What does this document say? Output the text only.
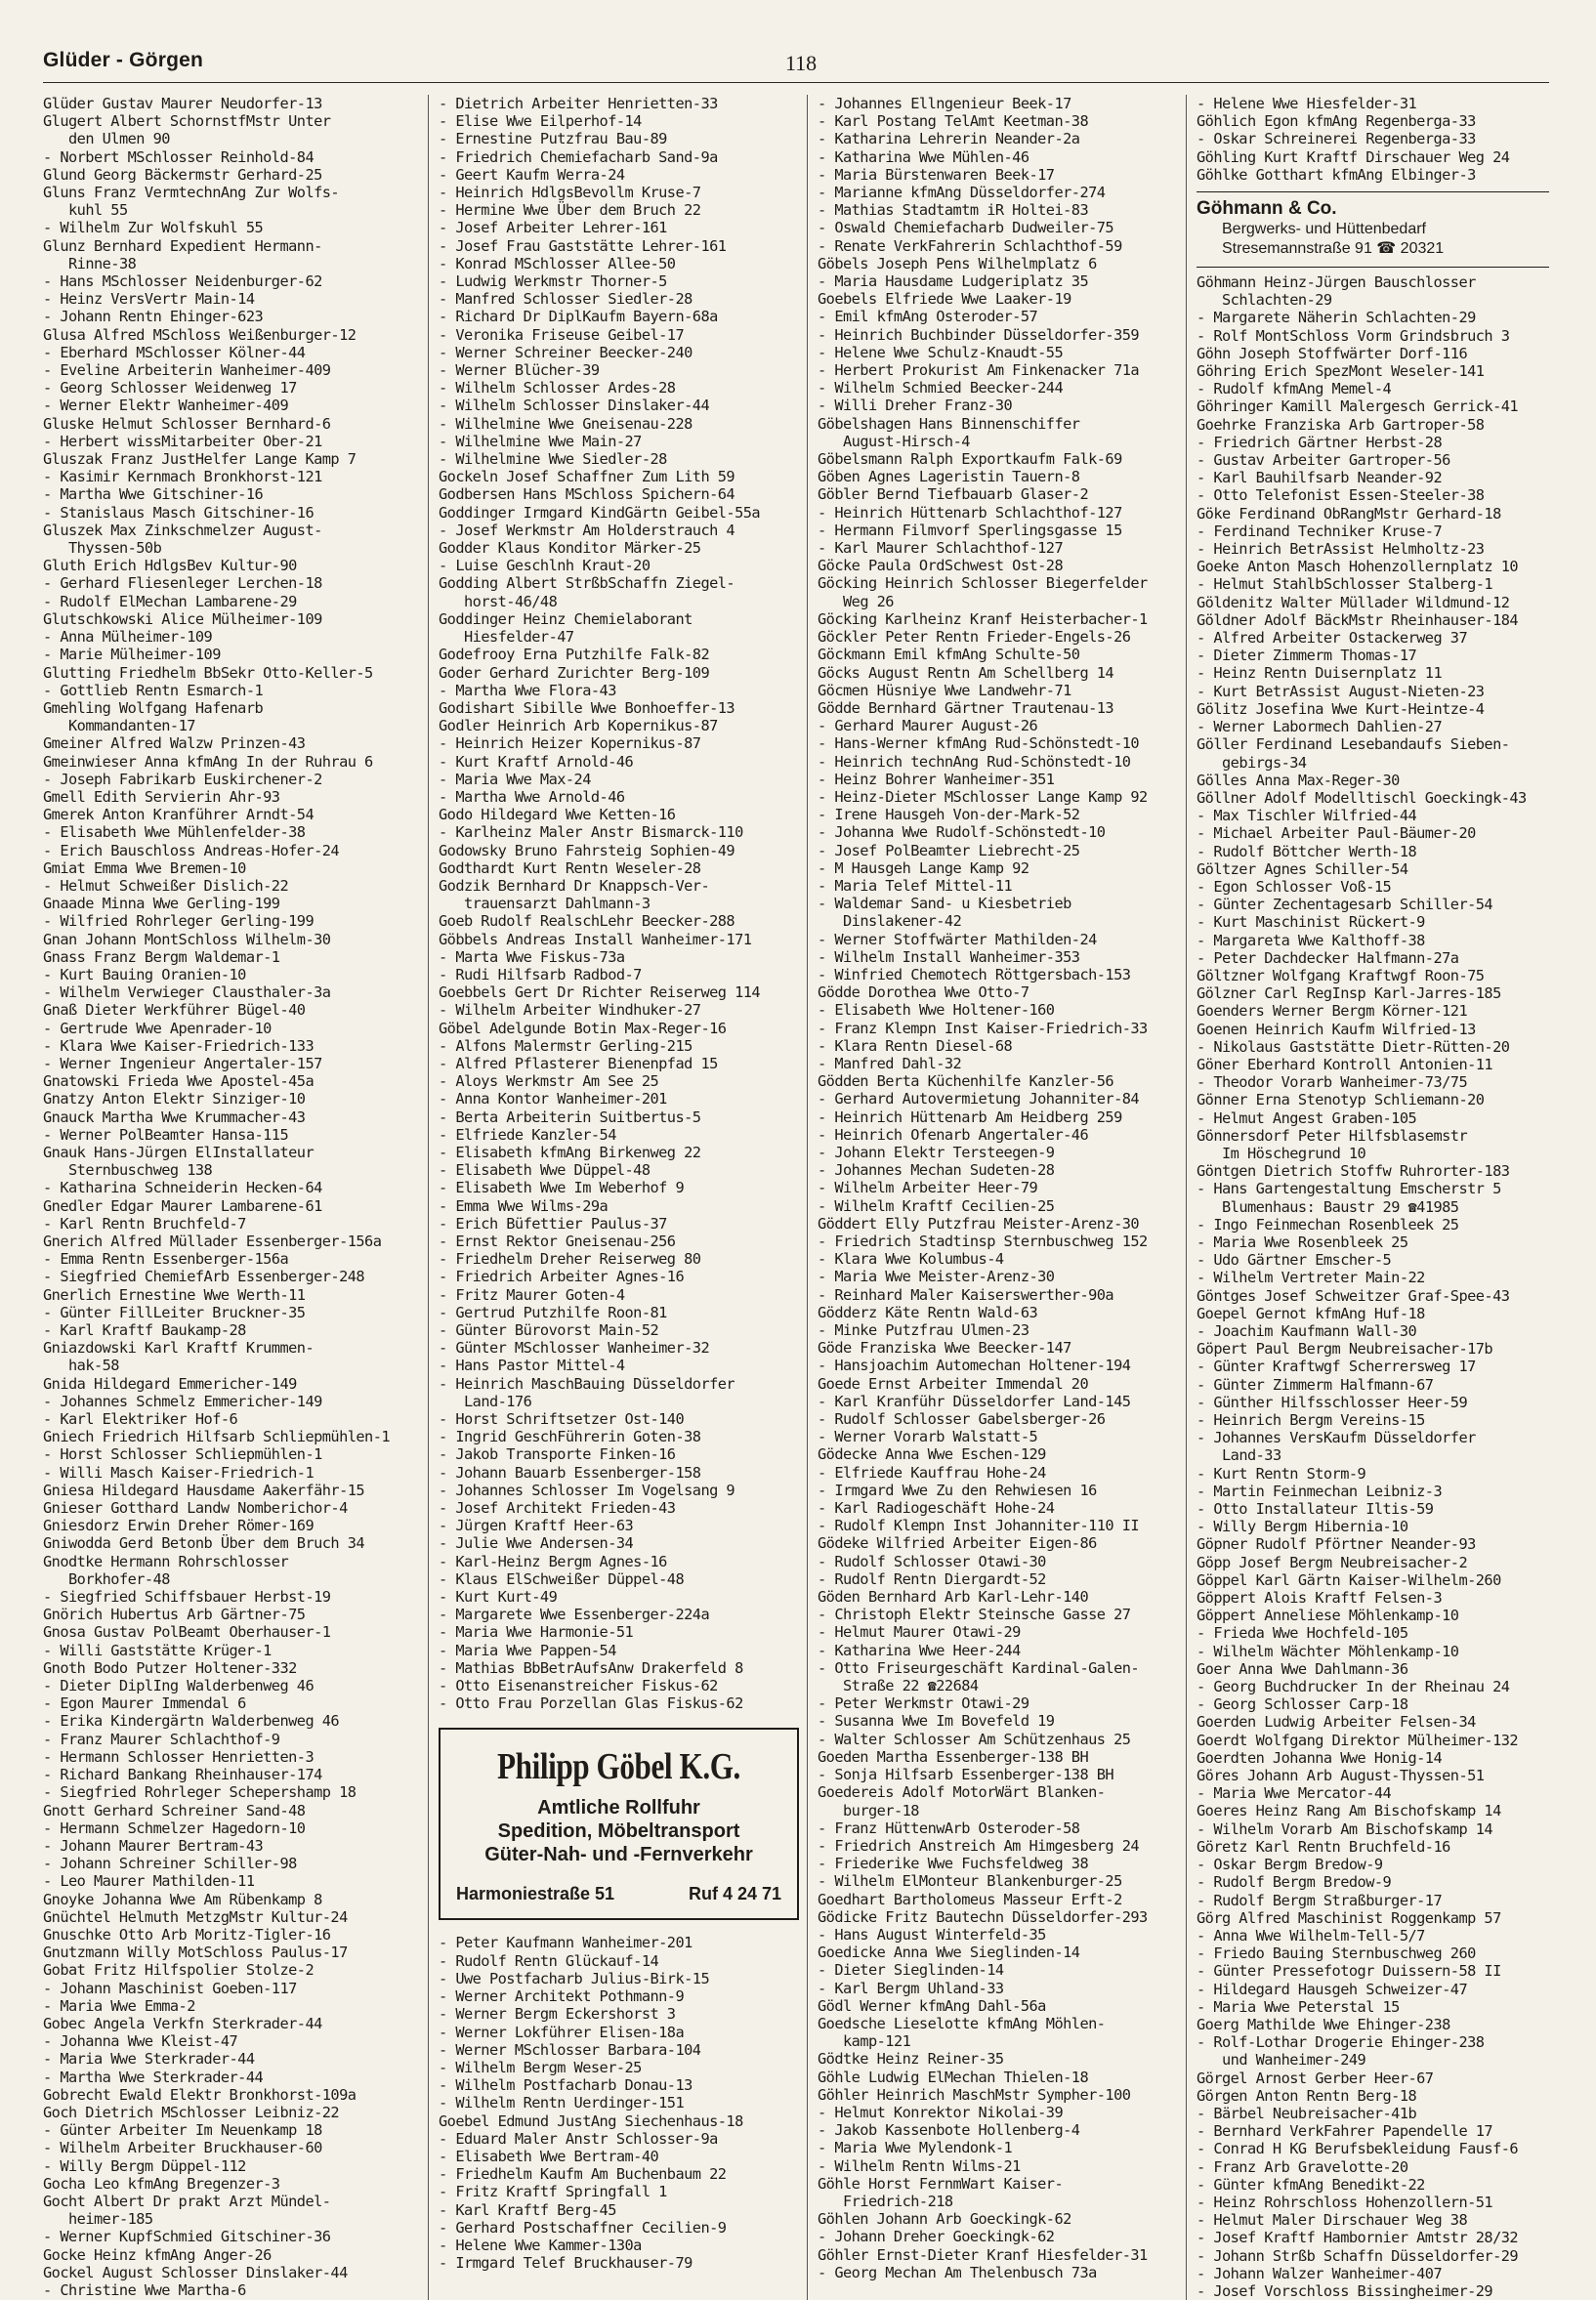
Glüder - Görgen	118
Glüder Gustav Maurer Neudorfer-13
Glugert Albert SchornstfMstr Unter
den Ulmen 90
- Norbert MSchlosser Reinhold-84
Glund Georg Bäckermstr Gerhard-25
Gluns Franz VermtechnAng Zur Wolfs-
kuhl 55
- Wilhelm Zur Wolfskuhl 55
Glunz Bernhard Expedient Hermann-
Rinne-38
- Hans MSchlosser Neidenburger-62
- Heinz VersVertr Main-14
- Johann Rentn Ehinger-623
Glusa Alfred MSchloss Weißenburger-12
- Eberhard MSchlosser Kölner-44
- Eveline Arbeiterin Wanheimer-409
- Georg Schlosser Weidenweg 17
- Werner Elektr Wanheimer-409
Gluske Helmut Schlosser Bernhard-6
- Herbert wissMitarbeiter Ober-21
Gluszak Franz JustHelfer Lange Kamp 7
- Kasimir Kernmach Bronkhorst-121
- Martha Wwe Gitschiner-16
- Stanislaus Masch Gitschiner-16
Gluszek Max Zinkschmelzer August-
Thyssen-50b
Gluth Erich HdlgsBev Kultur-90
- Gerhard Fliesenleger Lerchen-18
- Rudolf ElMechan Lambarene-29
Glutschkowski Alice Mülheimer-109
- Anna Mülheimer-109
- Marie Mülheimer-109
Glutting Friedhelm BbSekr Otto-Keller-5
- Gottlieb Rentn Esmarch-1
Gmehling Wolfgang Hafenarb
Kommandanten-17
Gmeiner Alfred Walzw Prinzen-43
Gmeinwieser Anna kfmAng In der Ruhrau 6
- Joseph Fabrikarb Euskirchener-2
Gmell Edith Servierin Ahr-93
Gmerek Anton Kranführer Arndt-54
- Elisabeth Wwe Mühlenfelder-38
- Erich Bauschloss Andreas-Hofer-24
Gmiat Emma Wwe Bremen-10
- Helmut Schweißer Dislich-22
Gnaade Minna Wwe Gerling-199
- Wilfried Rohrleger Gerling-199
Gnan Johann MontSchloss Wilhelm-30
Gnass Franz Bergm Waldemar-1
- Kurt Bauing Oranien-10
- Wilhelm Verwieger Clausthaler-3a
Gnaß Dieter Werkführer Bügel-40
- Gertrude Wwe Apenrader-10
- Klara Wwe Kaiser-Friedrich-133
- Werner Ingenieur Angertaler-157
Gnatowski Frieda Wwe Apostel-45a
Gnatzy Anton Elektr Sinziger-10
Gnauck Martha Wwe Krummacher-43
- Werner PolBeamter Hansa-115
Gnauk Hans-Jürgen ElInstallateur
Sternbuschweg 138
- Katharina Schneiderin Hecken-64
Gnedler Edgar Maurer Lambarene-61
- Karl Rentn Bruchfeld-7
Gnerich Alfred Müllader Essenberger-156a
- Emma Rentn Essenberger-156a
- Siegfried ChemiefArb Essenberger-248
Gnerlich Ernestine Wwe Werth-11
- Günter FillLeiter Bruckner-35
- Karl Kraftf Baukamp-28
Gniazdowski Karl Kraftf Krummen-
hak-58
Gnida Hildegard Emmericher-149
- Johannes Schmelz Emmericher-149
- Karl Elektriker Hof-6
Gniech Friedrich Hilfsarb Schliepmühlen-1
- Horst Schlosser Schliepmühlen-1
- Willi Masch Kaiser-Friedrich-1
Gniesa Hildegard Hausdame Aakerfähr-15
Gnieser Gotthard Landw Nomberichor-4
Gniesdorz Erwin Dreher Römer-169
Gniwodda Gerd Betonb Über dem Bruch 34
Gnodtke Hermann Rohrschlosser
Borkhofer-48
- Siegfried Schiffsbauer Herbst-19
Gnörich Hubertus Arb Gärtner-75
Gnosa Gustav PolBeamt Oberhauser-1
- Willi Gaststätte Krüger-1
Gnoth Bodo Putzer Holtener-332
- Dieter DiplIng Walderbenweg 46
- Egon Maurer Immendal 6
- Erika Kindergärtn Walderbenweg 46
- Franz Maurer Schlachthof-9
- Hermann Schlosser Henrietten-3
- Richard Bankang Rheinhauser-174
- Siegfried Rohrleger Schepershamp 18
Gnott Gerhard Schreiner Sand-48
- Hermann Schmelzer Hagedorn-10
- Johann Maurer Bertram-43
- Johann Schreiner Schiller-98
- Leo Maurer Mathilden-11
Gnoyke Johanna Wwe Am Rübenkamp 8
Gnüchtel Helmuth MetzgMstr Kultur-24
Gnuschke Otto Arb Moritz-Tigler-16
Gnutzmann Willy MotSchloss Paulus-17
Gobat Fritz Hilfspolier Stolze-2
- Johann Maschinist Goeben-117
- Maria Wwe Emma-2
Gobec Angela Verkfn Sterkrader-44
- Johanna Wwe Kleist-47
- Maria Wwe Sterkrader-44
- Martha Wwe Sterkrader-44
Gobrecht Ewald Elektr Bronkhorst-109a
Goch Dietrich MSchlosser Leibniz-22
- Günter Arbeiter Im Neuenkamp 18
- Wilhelm Arbeiter Bruckhauser-60
- Willy Bergm Düppel-112
Gocha Leo kfmAng Bregenzer-3
Gocht Albert Dr prakt Arzt Mündel-
heimer-185
- Werner KupfSchmied Gitschiner-36
Gocke Heinz kfmAng Anger-26
Gockel August Schlosser Dinslaker-44
- Christine Wwe Martha-6
- Dietrich Arbeiter Henrietten-33
- Elise Wwe Eilperhof-14
- Ernestine Putzfrau Bau-89
- Friedrich Chemiefacharb Sand-9a
- Geert Kaufm Werra-24
- Heinrich HdlgsBevollm Kruse-7
- Hermine Wwe Über dem Bruch 22
- Josef Arbeiter Lehrer-161
- Josef Frau Gaststätte Lehrer-161
- Konrad MSchlosser Allee-50
- Ludwig Werkmstr Thorner-5
- Manfred Schlosser Siedler-28
- Richard Dr DiplKaufm Bayern-68a
- Veronika Friseuse Geibel-17
- Werner Schreiner Beecker-240
- Werner Blücher-39
- Wilhelm Schlosser Ardes-28
- Wilhelm Schlosser Dinslaker-44
- Wilhelmine Wwe Gneisenau-228
- Wilhelmine Wwe Main-27
- Wilhelmine Wwe Siedler-28
Gockeln Josef Schaffner Zum Lith 59
Godbersen Hans MSchloss Spichern-64
Goddinger Irmgard KindGärtn Geibel-55a
- Josef Werkmstr Am Holderstrauch 4
Godder Klaus Konditor Märker-25
- Luise Geschlnh Kraut-20
Godding Albert StrßbSchaffn Ziegel-
horst-46/48
Goddinger Heinz Chemielaborant
Hiesfelder-47
Godefrooy Erna Putzhilfe Falk-82
Goder Gerhard Zurichter Berg-109
- Martha Wwe Flora-43
Godishart Sibille Wwe Bonhoeffer-13
Godler Heinrich Arb Kopernikus-87
- Heinrich Heizer Kopernikus-87
- Kurt Kraftf Arnold-46
- Maria Wwe Max-24
- Martha Wwe Arnold-46
Godo Hildegard Wwe Ketten-16
- Karlheinz Maler Anstr Bismarck-110
Godowsky Bruno Fahrsteig Sophien-49
Godthardt Kurt Rentn Weseler-28
Godzik Bernhard Dr Knappsch-Ver-
trauensarzt Dahlmann-3
Goeb Rudolf RealschLehr Beecker-288
Göbbels Andreas Install Wanheimer-171
- Marta Wwe Fiskus-73a
- Rudi Hilfsarb Radbod-7
Goebbels Gert Dr Richter Reiserweg 114
- Wilhelm Arbeiter Windhuker-27
Göbel Adelgunde Botin Max-Reger-16
- Alfons Malermstr Gerling-215
- Alfred Pflasterer Bienenpfad 15
- Aloys Werkmstr Am See 25
- Anna Kontor Wanheimer-201
- Berta Arbeiterin Suitbertus-5
- Elfriede Kanzler-54
- Elisabeth kfmAng Birkenweg 22
- Elisabeth Wwe Düppel-48
- Elisabeth Wwe Im Weberhof 9
- Emma Wwe Wilms-29a
- Erich Büfettier Paulus-37
- Ernst Rektor Gneisenau-256
- Friedhelm Dreher Reiserweg 80
- Friedrich Arbeiter Agnes-16
- Fritz Maurer Goten-4
- Gertrud Putzhilfe Roon-81
- Günter Bürovorst Main-52
- Günter MSchlosser Wanheimer-32
- Hans Pastor Mittel-4
- Heinrich MaschBauing Düsseldorfer
Land-176
- Horst Schriftsetzer Ost-140
- Ingrid GeschFührerin Goten-38
- Jakob Transporte Finken-16
- Johann Bauarb Essenberger-158
- Johannes Schlosser Im Vogelsang 9
- Josef Architekt Frieden-43
- Jürgen Kraftf Heer-63
- Julie Wwe Andersen-34
- Karl-Heinz Bergm Agnes-16
- Klaus ElSchweißer Düppel-48
- Kurt Kurt-49
- Margarete Wwe Essenberger-224a
- Maria Wwe Harmonie-51
- Maria Wwe Pappen-54
- Mathias BbBetrAufsAnw Drakerfeld 8
- Otto Eisenanstreicher Fiskus-62
- Otto Frau Porzellan Glas Fiskus-62
Philipp Göbel K.G.
Amtliche Rollfuhr
Spedition, Möbeltransport
Güter-Nah- und -Fernverkehr
Harmoniestraße 51	Ruf 4 24 71
- Peter Kaufmann Wanheimer-201
- Rudolf Rentn Glückauf-14
- Uwe Postfacharb Julius-Birk-15
- Werner Architekt Pothmann-9
- Werner Bergm Eckershorst 3
- Werner Lokführer Elisen-18a
- Werner MSchlosser Barbara-104
- Wilhelm Bergm Weser-25
- Wilhelm Postfacharb Donau-13
- Wilhelm Rentn Uerdinger-151
Goebel Edmund JustAng Siechenhaus-18
- Eduard Maler Anstr Schlosser-9a
- Elisabeth Wwe Bertram-40
- Friedhelm Kaufm Am Buchenbaum 22
- Fritz Kraftf Springfall 1
- Karl Kraftf Berg-45
- Gerhard Postschaffner Cecilien-9
- Helene Wwe Kammer-130a
- Irmgard Telef Bruckhauser-79
- Johannes Ellngenieur Beek-17
- Karl Postang TelAmt Keetman-38
- Katharina Lehrerin Neander-2a
- Katharina Wwe Mühlen-46
- Maria Bürstenwaren Beek-17
- Marianne kfmAng Düsseldorfer-274
- Mathias Stadtamtm iR Holtei-83
- Oswald Chemiefacharb Dudweiler-75
- Renate VerkFahrerin Schlachthof-59
Göbels Joseph Pens Wilhelmplatz 6
- Maria Hausdame Ludgeriplatz 35
Goebels Elfriede Wwe Laaker-19
- Emil kfmAng Osteroder-57
- Heinrich Buchbinder Düsseldorfer-359
- Helene Wwe Schulz-Knaudt-55
- Herbert Prokurist Am Finkenacker 71a
- Wilhelm Schmied Beecker-244
- Willi Dreher Franz-30
Göbelshagen Hans Binnenschiffer
August-Hirsch-4
Göbelsmann Ralph Exportkaufm Falk-69
Göben Agnes Lageristin Tauern-8
Göbler Bernd Tiefbauarb Glaser-2
- Heinrich Hüttenarb Schlachthof-127
- Hermann Filmvorf Sperlingsgasse 15
- Karl Maurer Schlachthof-127
Göcke Paula OrdSchwest Ost-28
Göcking Heinrich Schlosser Biegerfelder
Weg 26
Göcking Karlheinz Kranf Heisterbacher-1
Göckler Peter Rentn Frieder-Engels-26
Göckmann Emil kfmAng Schulte-50
Göcks August Rentn Am Schellberg 14
Göcmen Hüsniye Wwe Landwehr-71
Gödde Bernhard Gärtner Trautenau-13
- Gerhard Maurer August-26
- Hans-Werner kfmAng Rud-Schönstedt-10
- Heinrich technAng Rud-Schönstedt-10
- Heinz Bohrer Wanheimer-351
- Heinz-Dieter MSchlosser Lange Kamp 92
- Irene Hausgeh Von-der-Mark-52
- Johanna Wwe Rudolf-Schönstedt-10
- Josef PolBeamter Liebrecht-25
- M Hausgeh Lange Kamp 92
- Maria Telef Mittel-11
- Waldemar Sand- u Kiesbetrieb
Dinslakener-42
- Werner Stoffwärter Mathilden-24
- Wilhelm Install Wanheimer-353
- Winfried Chemotech Röttgersbach-153
Gödde Dorothea Wwe Otto-7
- Elisabeth Wwe Holtener-160
- Franz Klempn Inst Kaiser-Friedrich-33
- Klara Rentn Diesel-68
- Manfred Dahl-32
Gödden Berta Küchenhilfe Kanzler-56
- Gerhard Autovermietung Johanniter-84
- Heinrich Hüttenarb Am Heidberg 259
- Heinrich Ofenarb Angertaler-46
- Johann Elektr Tersteegen-9
- Johannes Mechan Sudeten-28
- Wilhelm Arbeiter Heer-79
- Wilhelm Kraftf Cecilien-25
Göddert Elly Putzfrau Meister-Arenz-30
- Friedrich Stadtinsp Sternbuschweg 152
- Klara Wwe Kolumbus-4
- Maria Wwe Meister-Arenz-30
- Reinhard Maler Kaiserswerther-90a
Gödderz Käte Rentn Wald-63
- Minke Putzfrau Ulmen-23
Göde Franziska Wwe Beecker-147
- Hansjoachim Automechan Holtener-194
Goede Ernst Arbeiter Immendal 20
- Karl Kranführ Düsseldorfer Land-145
- Rudolf Schlosser Gabelsberger-26
- Werner Vorarb Walstatt-5
Gödecke Anna Wwe Eschen-129
- Elfriede Kauffrau Hohe-24
- Irmgard Wwe Zu den Rehwiesen 16
- Karl Radiogeschäft Hohe-24
- Rudolf Klempn Inst Johanniter-110 II
Gödeke Wilfried Arbeiter Eigen-86
- Rudolf Schlosser Otawi-30
- Rudolf Rentn Diergardt-52
Göden Bernhard Arb Karl-Lehr-140
- Christoph Elektr Steinsche Gasse 27
- Helmut Maurer Otawi-29
- Katharina Wwe Heer-244
- Otto Friseurgeschäft Kardinal-Galen-
Straße 22 ☎22684
- Peter Werkmstr Otawi-29
- Susanna Wwe Im Bovefeld 19
- Walter Schlosser Am Schützenhaus 25
Goeden Martha Essenberger-138 BH
- Sonja Hilfsarb Essenberger-138 BH
Goedereis Adolf MotorWärt Blanken-
burger-18
- Franz HüttenwArb Osteroder-58
- Friedrich Anstreich Am Himgesberg 24
- Friederike Wwe Fuchsfeldweg 38
- Wilhelm ElMonteur Blankenburger-25
Goedhart Bartholomeus Masseur Erft-2
Gödicke Fritz Bautechn Düsseldorfer-293
- Hans August Winterfeld-35
Goedicke Anna Wwe Sieglinden-14
- Dieter Sieglinden-14
- Karl Bergm Uhland-33
Gödl Werner kfmAng Dahl-56a
Goedsche Lieselotte kfmAng Möhlen-
kamp-121
Gödtke Heinz Reiner-35
Göhle Ludwig ElMechan Thielen-18
Göhler Heinrich MaschMstr Sympher-100
- Helmut Konrektor Nikolai-39
- Jakob Kassenbote Hollenberg-4
- Maria Wwe Mylendonk-1
- Wilhelm Rentn Wilms-21
Göhle Horst FernmWart Kaiser-
Friedrich-218
Göhlen Johann Arb Goeckingk-62
- Johann Dreher Goeckingk-62
Göhler Ernst-Dieter Kranf Hiesfelder-31
- Georg Mechan Am Thelenbusch 73a
- Helene Wwe Hiesfelder-31
Göhlich Egon kfmAng Regenberga-33
- Oskar Schreinerei Regenberga-33
Göhling Kurt Kraftf Dirschauer Weg 24
Göhlke Gotthart kfmAng Elbinger-3
Göhmann & Co.
Bergwerks- und Hüttenbedarf
Stresemannstraße 91 ☎ 20321
Göhmann Heinz-Jürgen Bauschlosser
Schlachten-29
- Margarete Näherin Schlachten-29
- Rolf MontSchloss Vorm Grindsbruch 3
Göhn Joseph Stoffwärter Dorf-116
Göhring Erich SpezMont Weseler-141
- Rudolf kfmAng Memel-4
Göhringer Kamill Malergesch Gerrick-41
Goehrke Franziska Arb Gartroper-58
- Friedrich Gärtner Herbst-28
- Gustav Arbeiter Gartroper-56
- Karl Bauhilfsarb Neander-92
- Otto Telefonist Essen-Steeler-38
Göke Ferdinand ObRangMstr Gerhard-18
- Ferdinand Techniker Kruse-7
- Heinrich BetrAssist Helmholtz-23
Goeke Anton Masch Hohenzollernplatz 10
- Helmut StahlbSchlosser Stalberg-1
Göldenitz Walter Müllader Wildmund-12
Göldner Adolf BäckMstr Rheinhauser-184
- Alfred Arbeiter Ostackerweg 37
- Dieter Zimmerm Thomas-17
- Heinz Rentn Duisernplatz 11
- Kurt BetrAssist August-Nieten-23
Gölitz Josefina Wwe Kurt-Heintze-4
- Werner Labormech Dahlien-27
Göller Ferdinand Lesebandaufs Sieben-
gebirgs-34
Gölles Anna Max-Reger-30
Göllner Adolf Modelltischl Goeckingk-43
- Max Tischler Wilfried-44
- Michael Arbeiter Paul-Bäumer-20
- Rudolf Böttcher Werth-18
Göltzer Agnes Schiller-54
- Egon Schlosser Voß-15
- Günter Zechentagesarb Schiller-54
- Kurt Maschinist Rückert-9
- Margareta Wwe Kalthoff-38
- Peter Dachdecker Halfmann-27a
Göltzner Wolfgang Kraftwgf Roon-75
Gölzner Carl RegInsp Karl-Jarres-185
Goenders Werner Bergm Körner-121
Goenen Heinrich Kaufm Wilfried-13
- Nikolaus Gaststätte Dietr-Rütten-20
Göner Eberhard Kontroll Antonien-11
- Theodor Vorarb Wanheimer-73/75
Gönner Erna Stenotyp Schliemann-20
- Helmut Angest Graben-105
Gönnersdorf Peter Hilfsblasemstr
Im Höschegrund 10
Göntgen Dietrich Stoffw Ruhrorter-183
- Hans Gartengestaltung Emscherstr 5
Blumenhaus: Baustr 29 ☎41985
- Ingo Feinmechan Rosenbleek 25
- Maria Wwe Rosenbleek 25
- Udo Gärtner Emscher-5
- Wilhelm Vertreter Main-22
Göntges Josef Schweitzer Graf-Spee-43
Goepel Gernot kfmAng Huf-18
- Joachim Kaufmann Wall-30
Göpert Paul Bergm Neubreisacher-17b
- Günter Kraftwgf Scherrersweg 17
- Günter Zimmerm Halfmann-67
- Günther Hilfsschlosser Heer-59
- Heinrich Bergm Vereins-15
- Johannes VersKaufm Düsseldorfer
Land-33
- Kurt Rentn Storm-9
- Martin Feinmechan Leibniz-3
- Otto Installateur Iltis-59
- Willy Bergm Hibernia-10
Göpner Rudolf Pförtner Neander-93
Göpp Josef Bergm Neubreisacher-2
Göppel Karl Gärtn Kaiser-Wilhelm-260
Göppert Alois Kraftf Felsen-3
Göppert Anneliese Möhlenkamp-10
- Frieda Wwe Hochfeld-105
- Wilhelm Wächter Möhlenkamp-10
Goer Anna Wwe Dahlmann-36
- Georg Buchdrucker In der Rheinau 24
- Georg Schlosser Carp-18
Goerden Ludwig Arbeiter Felsen-34
Goerdt Wolfgang Direktor Mülheimer-132
Goerdten Johanna Wwe Honig-14
Göres Johann Arb August-Thyssen-51
- Maria Wwe Mercator-44
Goeres Heinz Rang Am Bischofskamp 14
- Wilhelm Vorarb Am Bischofskamp 14
Göretz Karl Rentn Bruchfeld-16
- Oskar Bergm Bredow-9
- Rudolf Bergm Bredow-9
- Rudolf Bergm Straßburger-17
Görg Alfred Maschinist Roggenkamp 57
- Anna Wwe Wilhelm-Tell-5/7
- Friedo Bauing Sternbuschweg 260
- Günter Pressefotogr Duissern-58 II
- Hildegard Hausgeh Schweizer-47
- Maria Wwe Peterstal 15
Goerg Mathilde Wwe Ehinger-238
- Rolf-Lothar Drogerie Ehinger-238
und Wanheimer-249
Görgel Arnost Gerber Heer-67
Görgen Anton Rentn Berg-18
- Bärbel Neubreisacher-41b
- Bernhard VerkFahrer Papendelle 17
- Conrad H KG Berufsbekleidung Fausf-6
- Franz Arb Gravelotte-20
- Günter kfmAng Benedikt-22
- Heinz Rohrschloss Hohenzollern-51
- Helmut Maler Dirschauer Weg 38
- Josef Kraftf Hambornier Amtstr 28/32
- Johann Strßb Schaffn Düsseldorfer-29
- Johann Walzer Wanheimer-407
- Josef Vorschloss Bissingheimer-29
